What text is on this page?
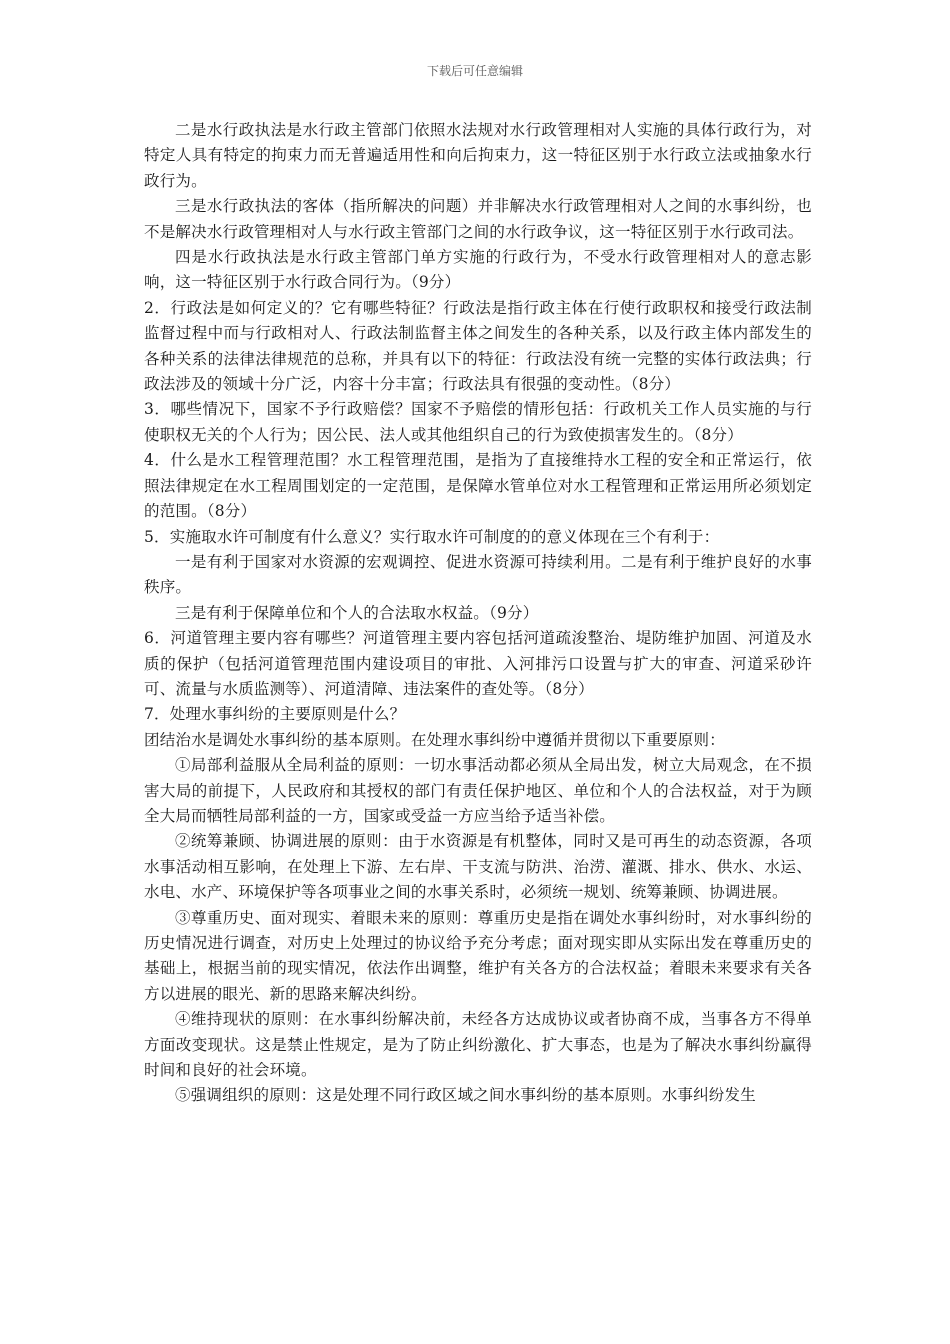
下载后可任意编辑

二是水行政执法是水行政主管部门依照水法规对水行政管理相对人实施的具体行政行为，对特定人具有特定的拘束力而无普遍适用性和向后拘束力，这一特征区别于水行政立法或抽象水行政行为。

三是水行政执法的客体（指所解决的问题）并非解决水行政管理相对人之间的水事纠纷，也不是解决水行政管理相对人与水行政主管部门之间的水行政争议，这一特征区别于水行政司法。

四是水行政执法是水行政主管部门单方实施的行政行为，不受水行政管理相对人的意志影响，这一特征区别于水行政合同行为。（9分）

2．行政法是如何定义的？它有哪些特征？行政法是指行政主体在行使行政职权和接受行政法制监督过程中而与行政相对人、行政法制监督主体之间发生的各种关系，以及行政主体内部发生的各种关系的法律法律规范的总称，并具有以下的特征：行政法没有统一完整的实体行政法典；行政法涉及的领域十分广泛，内容十分丰富；行政法具有很强的变动性。（8分）

3．哪些情况下，国家不予行政赔偿？国家不予赔偿的情形包括：行政机关工作人员实施的与行使职权无关的个人行为；因公民、法人或其他组织自己的行为致使损害发生的。（8分）

4．什么是水工程管理范围？水工程管理范围，是指为了直接维持水工程的安全和正常运行，依照法律规定在水工程周围划定的一定范围，是保障水管单位对水工程管理和正常运用所必须划定的范围。（8分）

5．实施取水许可制度有什么意义？实行取水许可制度的的意义体现在三个有利于：

一是有利于国家对水资源的宏观调控、促进水资源可持续利用。二是有利于维护良好的水事秩序。

三是有利于保障单位和个人的合法取水权益。（9分）

6．河道管理主要内容有哪些？河道管理主要内容包括河道疏浚整治、堤防维护加固、河道及水质的保护（包括河道管理范围内建设项目的审批、入河排污口设置与扩大的审查、河道采砂许可、流量与水质监测等）、河道清障、违法案件的查处等。（8分）

7．处理水事纠纷的主要原则是什么？

团结治水是调处水事纠纷的基本原则。在处理水事纠纷中遵循并贯彻以下重要原则：

①局部利益服从全局利益的原则：一切水事活动都必须从全局出发，树立大局观念，在不损害大局的前提下，人民政府和其授权的部门有责任保护地区、单位和个人的合法权益，对于为顾全大局而牺牲局部利益的一方，国家或受益一方应当给予适当补偿。

②统筹兼顾、协调进展的原则：由于水资源是有机整体，同时又是可再生的动态资源，各项水事活动相互影响，在处理上下游、左右岸、干支流与防洪、治涝、灌溉、排水、供水、水运、水电、水产、环境保护等各项事业之间的水事关系时，必须统一规划、统筹兼顾、协调进展。

③尊重历史、面对现实、着眼未来的原则：尊重历史是指在调处水事纠纷时，对水事纠纷的历史情况进行调查，对历史上处理过的协议给予充分考虑；面对现实即从实际出发在尊重历史的基础上，根据当前的现实情况，依法作出调整，维护有关各方的合法权益；着眼未来要求有关各方以进展的眼光、新的思路来解决纠纷。

④维持现状的原则：在水事纠纷解决前，未经各方达成协议或者协商不成，当事各方不得单方面改变现状。这是禁止性规定，是为了防止纠纷激化、扩大事态，也是为了解决水事纠纷赢得时间和良好的社会环境。

⑤强调组织的原则：这是处理不同行政区域之间水事纠纷的基本原则。水事纠纷发生
